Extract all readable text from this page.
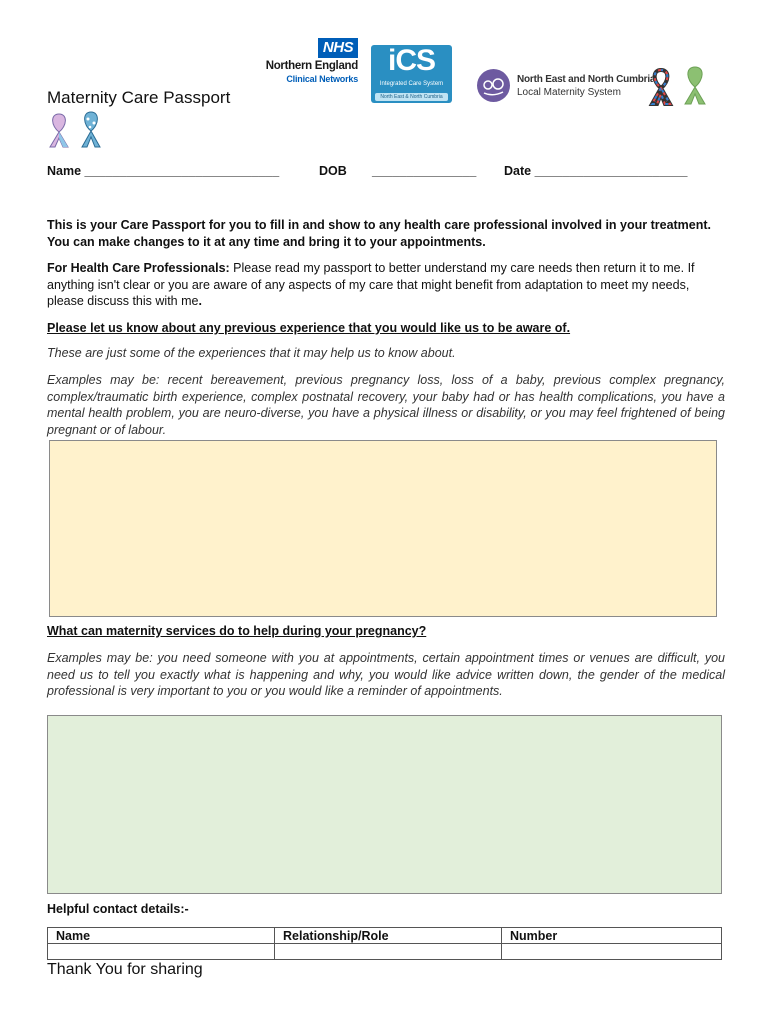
NHS
Northern England
Clinical Networks
iCS
Integrated Care System
North East & North Cumbria
North East and North Cumbria
Local Maternity System
Maternity Care Passport
Name ____________________________	DOB _______________ Date ______________________
This is your Care Passport for you to fill in and show to any health care professional involved in your treatment. You can make changes to it at any time and bring it to your appointments.
For Health Care Professionals: Please read my passport to better understand my care needs then return it to me. If anything isn't clear or you are aware of any aspects of my care that might benefit from adaptation to meet my needs, please discuss this with me.
Please let us know about any previous experience that you would like us to be aware of.
These are just some of the experiences that it may help us to know about.
Examples may be: recent bereavement, previous pregnancy loss, loss of a baby, previous complex pregnancy, complex/traumatic birth experience, complex postnatal recovery, your baby had or has health complications, you have a mental health problem, you are neuro-diverse, you have a physical illness or disability, or you may feel frightened of being pregnant or of labour.
What can maternity services do to help during your pregnancy?
Examples may be: you need someone with you at appointments, certain appointment times or venues are difficult, you need us to tell you exactly what is happening and why, you would like advice written down, the gender of the medical professional is very important to you or you would like a reminder of appointments.
Helpful contact details:-
Name	Relationship/Role	Number

Thank You for sharing
